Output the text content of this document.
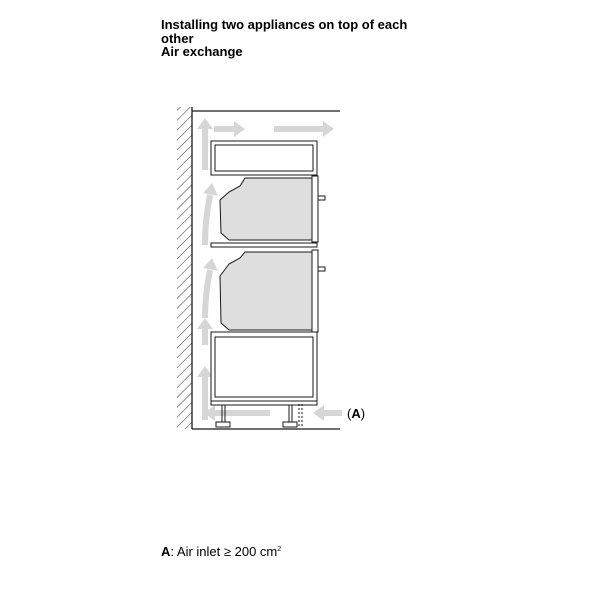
Installing two appliances on top of each
other
Air exchange
(A)
A: Air inlet ≥ 200 $cm^2$
